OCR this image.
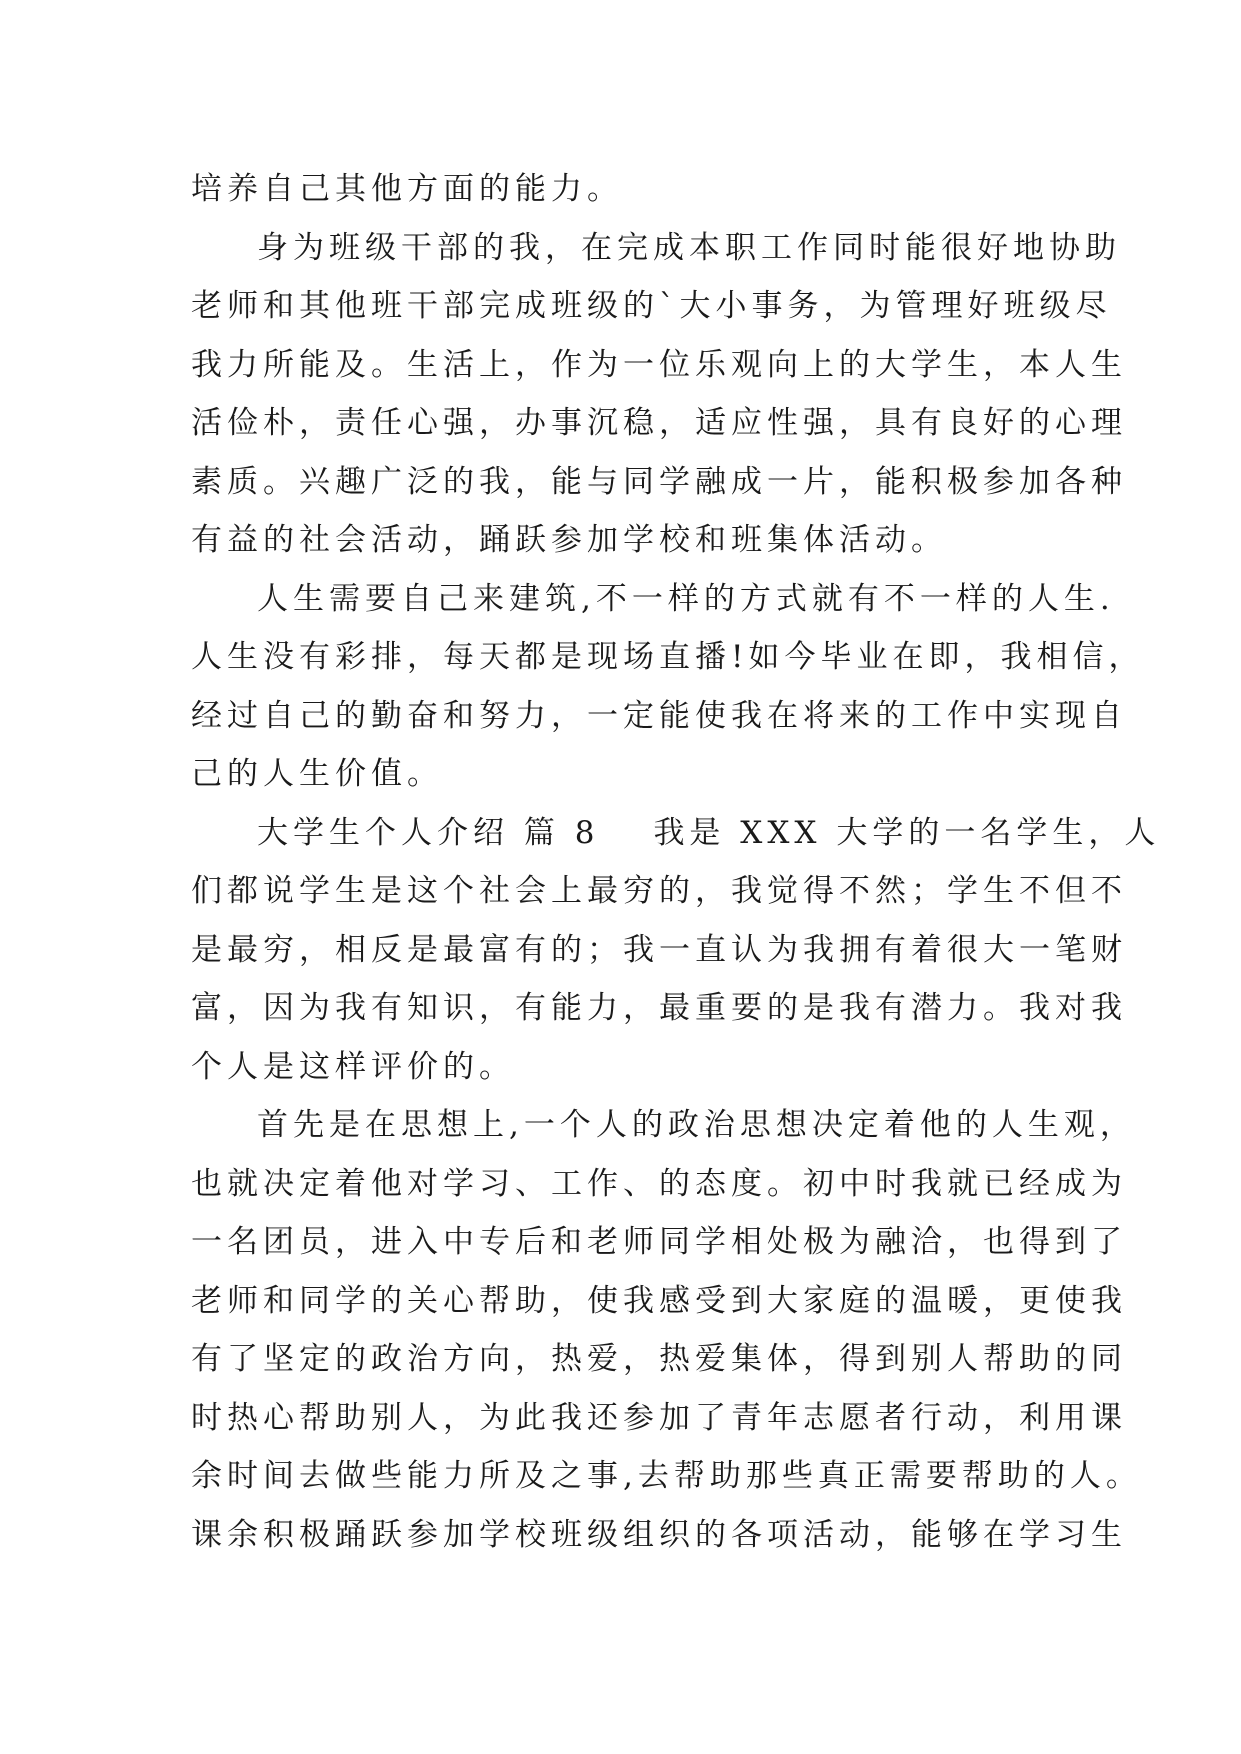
培养自己其他方面的能力。
身为班级干部的我，在完成本职工作同时能很好地协助
老师和其他班干部完成班级的`大小事务，为管理好班级尽
我力所能及。生活上，作为一位乐观向上的大学生，本人生
活俭朴，责任心强，办事沉稳，适应性强，具有良好的心理
素质。兴趣广泛的我，能与同学融成一片，能积极参加各种
有益的社会活动，踊跃参加学校和班集体活动。
人生需要自己来建筑,不一样的方式就有不一样的人生.
人生没有彩排，每天都是现场直播!如今毕业在即，我相信，
经过自己的勤奋和努力，一定能使我在将来的工作中实现自
己的人生价值。
大学生个人介绍 篇 8 我是 XXX 大学的一名学生，人
们都说学生是这个社会上最穷的，我觉得不然；学生不但不
是最穷，相反是最富有的；我一直认为我拥有着很大一笔财
富，因为我有知识，有能力，最重要的是我有潜力。我对我
个人是这样评价的。
首先是在思想上,一个人的政治思想决定着他的人生观，
也就决定着他对学习、工作、的态度。初中时我就已经成为
一名团员，进入中专后和老师同学相处极为融洽，也得到了
老师和同学的关心帮助，使我感受到大家庭的温暖，更使我
有了坚定的政治方向，热爱，热爱集体，得到别人帮助的同
时热心帮助别人，为此我还参加了青年志愿者行动，利用课
余时间去做些能力所及之事,去帮助那些真正需要帮助的人。
课余积极踊跃参加学校班级组织的各项活动，能够在学习生
